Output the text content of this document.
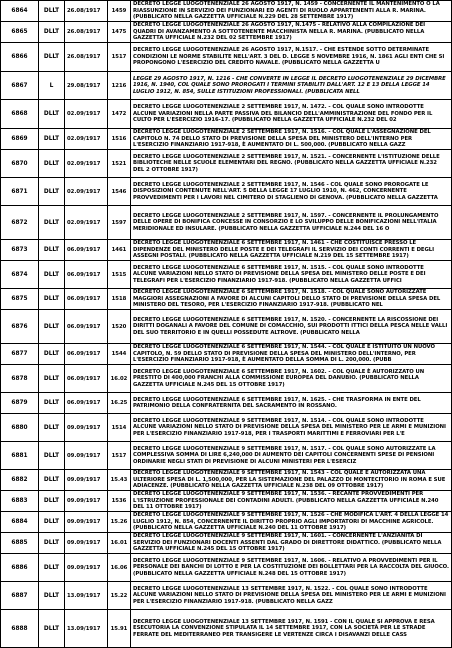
6864	DLLT	26.08/1917	1459	DECRETO LEGGE LUOGOTENENZIALE 26 AGOSTO 1917, N. 1459 - CONCERNENTE IL MANTENIMENTO O LA RIASSUNZIONE IN SERVIZIO DEI FUNZIONARI ED AGENTI DI RUOLO APPARTENENTI ALLA R. MARINA. (PUBBLICATO NELLA GAZZETTA UFFICIALE N.229 DEL 28 SETTEMBRE 1917)
6865	DLLT	26.08/1917	1475	DECRETO LEGGE LUOGOTENENZIALE 26 AGOSTO 1917, N.1475 - RELATIVO ALLA COMPILAZIONE DEI QUADRI DI AVANZAMENTO A SOTTOTENENTE MACCHINISTA NELLA R. MARINA. (PUBBLICATO NELLA GAZZETTA UFFICIALE N.232 DEL 02 SETTEMBRE 1917)
6866	DLLT	26.08/1917	1517	DECRETO LEGGE LUOGOTENENZIALE 26 AGOSTO 1917, N.1517. - CHE ESTENDE SOTTO DETERMINATE CONDIZIONI LE NORME STABILITE NELL'ART. 3 DEL D. LEGGE 5 NOVEMBRE 1916, N. 1861 AGLI ENTI CHE SI PROPONGONO L'ESERCIZIO DEL CREDITO NAVALE. (PUBBLICATO NELLA GAZZETTA U
6867	L	29.08/1917	1216	LEGGE 29 AGOSTO 1917, N. 1216 - CHE CONVERTE IN LEGGE IL DECRETO LUOGOTENENZIALE 29 DICEMBRE 1916, N. 1940, COL QUALE SONO PROROGATI I TERMINI STABILITI DALL'ART. 12 E 13 DELLA LEGGE 14 LUGLIO 1912, N. 854, SULLE ISTITUZIONI PROFESSIONALI. (PUBBLICATA NELL
6868	DLLT	02.09/1917	1472	DECRETO LEGGE LUOGOTENENZIALE 2 SETTEMBRE 1917, N. 1472. - COL QUALE SONO INTRODOTTE ALCUNE VARIAZIONI NELLA PARTE PASSIVA DEL BILANCIO DELL'AMMINISTRAZIONE DEL FONDO PER IL CULTO PER L'ESERCIZIO 1916-17. (PUBBLICATO NELLA GAZZETTA UFFICIALE N.232 DEL 02
6869	DLLT	02.09/1917	1516	DECRETO LEGGE LUOGOTENENZIALE 2 SETTEMBRE 1917, N. 1516. - COL QUALE L'ASSEGNAZIONE DEL CAPITOLO N. 74 DELLO STATO DI PREVISIONE DELLA SPESA DEL MINISTERO DELL'INTERNO PER L'ESERCIZIO FINANZIARIO 1917-918, È AUMENTATO DI L. 500,000. (PUBBLICATO NELLA GAZZ
6870	DLLT	02.09/1917	1521	DECRETO LEGGE LUOGOTENENZIALE 2 SETTEMBRE 1917, N. 1521. - CONCERNENTE L'ISTITUZIONE DELLE BIBLIOTECHE NELLE SCUOLE ELEMENTARI DEL REGNO. (PUBBLICATO NELLA GAZZETTA UFFICIALE N.232 DEL 2 OTTOBRE 1917)
6871	DLLT	02.09/1917	1546	DECRETO LEGGE LUOGOTENENZIALE 2 SETTEMBRE 1917, N. 1546 - COL QUALE SONO PROROGATE LE DISPOSIZIONI CONTENUTE NELL'ART. 5 DELLA LEGGE 17 LUGLIO 1910, N. 462, CONCERNENTE PROVVEDIMENTI PER I LAVORI NEL CIMITERO DI STAGLIENO DI GENOVA. (PUBBLICATO NELLA GAZZETTA
6872	DLLT	02.09/1917	1597	DECRETO LEGGE LUOGOTENENZIALE 2 SETTEMBRE 1917, N. 1597. - CONCERNENTE IL PROLUNGAMENTO DELLE OPERE DI BONIFICA CONCESSE IN CONSORZIO E LO SVILUPPO DELLE BONIFICAZIONI NELL'ITALIA MERIDIONALE ED INSULARE. (PUBBLICATO NELLA GAZZETTA UFFICIALE N.244 DEL 16 O
6873	DLLT	06.09/1917	1461	DECRETO LEGGE LUOGOTENENZIALE 6 SETTEMBRE 1917, N. 1461 - CHE COSTITUISCE PRESSO LE DIPENDENZE DEL MINISTERO DELLE POSTE E DEI TELEGRAFI IL SERVIZIO DEI CONTI CORRENTI E DEGLI ASSEGNI POSTALI. (PUBBLICATO NELLA GAZZETTA UFFICIALE N.219 DEL 15 SETTEMBRE 1917)
6874	DLLT	06.09/1917	1515	DECRETO LEGGE LUOGOTENENZIALE 6 SETTEMBRE 1917, N. 1515. - COL QUALE SONO INTRODOTTE ALCUNE VARIAZIONI NELLO STATO DI PREVISIONE DELLA SPESA DEL MINISTERO DELLE POSTE E DEI TELEGRAFI PER L'ESERCIZIO FINANZIARIO 1917-918. (PUBBLICATO NELLA GAZZETTA UFFICI
6875	DLLT	06.09/1917	1518	DECRETO LEGGE LUOGOTENENZIALE 6 SETTEMBRE 1917, N. 1518. - COL QUALE SONO AUTORIZZATE MAGGIORI ASSEGNAZIONI A FAVORE DI ALCUNI CAPITOLI DELLO STATO DI PREVISIONE DELLA SPESA DEL MINISTERO DEL TESORO, PER L'ESERCIZIO FINANZIARIO 1917-918. (PUBBLICATO NEL
6876	DLLT	06.09/1917	1520	DECRETO LEGGE LUOGOTENENZIALE 6 SETTEMBRE 1917, N. 1520. - CONCERNENTE LA RISCOSSIONE DEI DIRITTI DOGANALI A FAVORE DEL COMUNE DI COMACCHIO, SUI PRODOTTI ITTICI DELLA PESCA NELLE VALLI DEL SUO TERRITORIO E IN QUELLI POSSEDUTE ALTROVE. (PUBBLICATO NELLA
6877	DLLT	06.09/1917	1544	DECRETO LEGGE LUOGOTENENZIALE 6 SETTEMBRE 1917, N. 1544. - COL QUALE È ISTITUITO UN NUOVO CAPITOLO, N. 59 DELLO STATO DI PREVISIONE DELLA SPESA DEL MINISTERO DELL'INTERNO, PER L'ESERCIZIO FINANZIARIO 1917-918, È AUMENTATO DELLA SOMMA DI L. 200,000. (PUBB
6878	DLLT	06.09/1917	16.02	DECRETO LEGGE LUOGOTENENZIALE 6 SETTEMBRE 1917, N. 1602. - COL QUALE È AUTORIZZATO UN PRESTITO DI 400,000 FRANCHI ALLA COMMISSIONE EUROPEA DEL DANUBIO. (PUBBLICATO NELLA GAZZETTA UFFICIALE N.245 DEL 15 OTTOBRE 1917)
6879	DLLT	06.09/1917	16.25	DECRETO LEGGE LUOGOTENENZIALE 6 SETTEMBRE 1917, N. 1625. - CHE TRASFORMA IN ENTE DEL PATRIMONIO DELLA CONFRATERNITA DEL SACRAMENTO IN ROSSANO.
6880	DLLT	09.09/1917	1514	DECRETO LEGGE LUOGOTENENZIALE 9 SETTEMBRE 1917, N. 1514. - COL QUALE SONO INTRODOTTE ALCUNE VARIAZIONI NELLO STATO DI PREVISIONE DELLA SPESA DEL MINISTERO PER LE ARMI E MUNIZIONI PER L'ESERCIZIO FINANZIARIO 1917-918, PER I TRASPORTI MARITTIMI E FERROVIARI PER L'E
6881	DLLT	09.09/1917	1517	DECRETO LEGGE LUOGOTENENZIALE 9 SETTEMBRE 1917, N. 1517. - COL QUALE SONO AUTORIZZATE LA COMPLESSIVA SOMMA DI LIRE 6,240,000 DI AUMENTO DEI CAPITOLI CONCERNENTI SPESE DI PENSIONI ORDINARIE NEGLI STATI DI PREVISIONE DI ALCUNI MINISTERI PER L'ESERCIZ
6882	DLLT	09.09/1917	15.43	DECRETO LEGGE LUOGOTENENZIALE 9 SETTEMBRE 1917, N. 1543 - COL QUALE È AUTORIZZATA UNA ULTERIORE SPESA DI L. 1,500,000, PER LA SISTEMAZIONE DEL PALAZZO DI MONTECITORIO IN ROMA E SUE ADIACENZE. (PUBBLICATO NELLA GAZZETTA UFFICIALE N.238 DEL 09 OTTOBRE 1917)
6883	DLLT	09.09/1917	1536	DECRETO LEGGE LUOGOTENENZIALE 9 SETTEMBRE 1917, N. 1536. - RECANTE PROVVEDIMENTI PER L'ISTRUZIONE PROFESSIONALE DEI CONTADINI ADULTI. (PUBBLICATO NELLA GAZZETTA UFFICIALE N.240 DEL 11 OTTOBRE 1917)
6884	DLLT	09.09/1917	15.26	DECRETO LEGGE LUOGOTENENZIALE 9 SETTEMBRE 1917, N. 1526 - CHE MODIFICA L'ART. 4 DELLA LEGGE 14 LUGLIO 1912, N. 854, CONCERNENTE IL DIRITTO PROPRIO AGLI IMPORTATORI DI MACCHINE AGRICOLE. (PUBBLICATO NELLA GAZZETTA UFFICIALE N.240 DEL 11 OTTOBRE 1917)
6885	DLLT	09.09/1917	16.01	DECRETO LEGGE LUOGOTENENZIALE 9 SETTEMBRE 1917, N. 1601. - CONCERNENTE L'ANZIANITÀ DI SERVIZIO DEI FUNZIONARI DOCENTI ASSENTI DAL GRADO DI DIRETTORE DIDATTICO. (PUBBLICATO NELLA GAZZETTA UFFICIALE N.245 DEL 15 OTTOBRE 1917)
6886	DLLT	09.09/1917	16.06	DECRETO LEGGE LUOGOTENENZIALE 9 SETTEMBRE 1917, N. 1606. - RELATIVO A PROVVEDIMENTI PER IL PERSONALE DEI BANCHI DI LOTTO E PER LA COSTITUZIONE DEI BOLLETTARI PER LA RACCOLTA DEL GIUOCO. (PUBBLICATO NELLA GAZZETTA UFFICIALE N.248 DEL 15 OTTOBRE 1917)
6887	DLLT	13.09/1917	15.22	DECRETO LEGGE LUOGOTENENZIALE 13 SETTEMBRE 1917, N. 1522. - COL QUALE SONO INTRODOTTE ALCUNE VARIAZIONI NELLO STATO DI PREVISIONE DELLA SPESA DEL MINISTERO PER LE ARMI E MUNIZIONI PER L'ESERCIZIO FINANZIARIO 1917-918. (PUBBLICATO NELLA GAZZ
6888	DLLT	13.09/1917	15.91	DECRETO LEGGE LUOGOTENENZIALE 13 SETTEMBRE 1917, N. 1591 - CON IL QUALE SI APPROVA E RESA ESECUTORIA LA CONVENZIONE STIPULATA IL 14 SETTEMBRE 1917, CON LA SOCIETÀ PER LE STRADE FERRATE DEL MEDITERRANEO PER TRANSIGERE LE VERTENZE CIRCA I DISAVANZI DELLE CASS
